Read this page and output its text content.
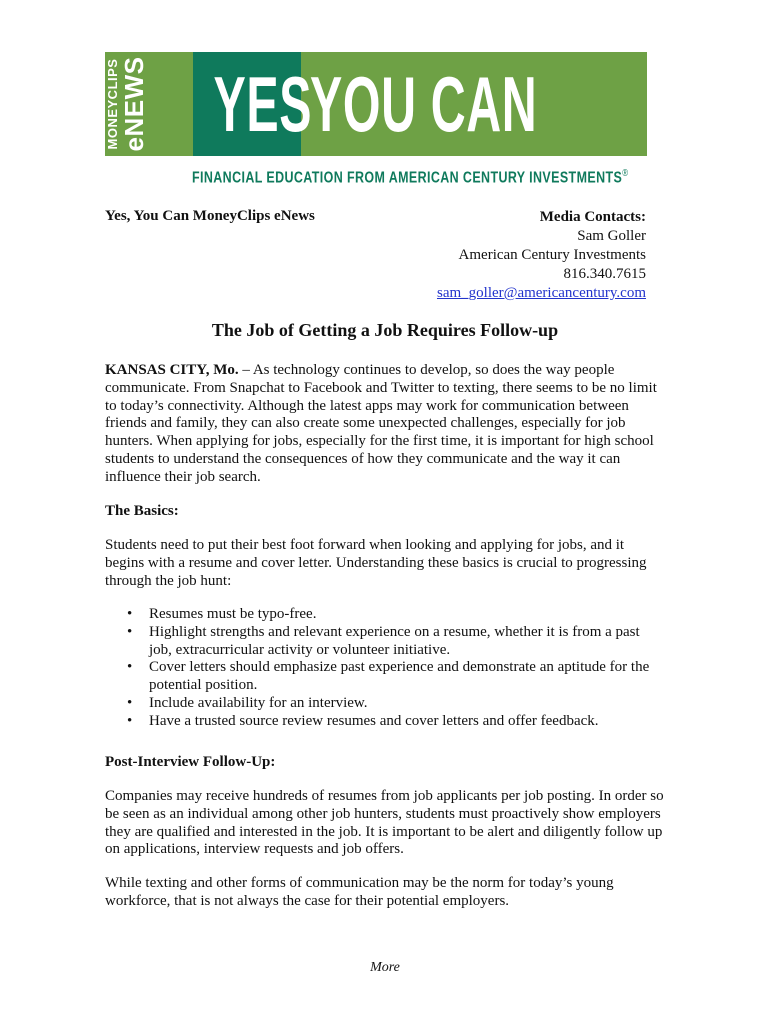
MONEYCLIPS eNEWS YES
YOU CAN
FINANCIAL EDUCATION FROM AMERICAN CENTURY INVESTMENTS®
Yes, You Can MoneyClips eNews	Media Contacts:
Sam Goller
American Century Investments
816.340.7615
sam_goller@americancentury.com
The Job of Getting a Job Requires Follow-up

KANSAS CITY, Mo. – As technology continues to develop, so does the way people communicate. From Snapchat to Facebook and Twitter to texting, there seems to be no limit to today’s connectivity. Although the latest apps may work for communication between friends and family, they can also create some unexpected challenges, especially for job hunters. When applying for jobs, especially for the first time, it is important for high school students to understand the consequences of how they communicate and the way it can influence their job search.

The Basics:
Students need to put their best foot forward when looking and applying for jobs, and it begins with a resume and cover letter. Understanding these basics is crucial to progressing through the job hunt:
• Resumes must be typo-free.
• Highlight strengths and relevant experience on a resume, whether it is from a past job, extracurricular activity or volunteer initiative.
• Cover letters should emphasize past experience and demonstrate an aptitude for the potential position.
• Include availability for an interview.
• Have a trusted source review resumes and cover letters and offer feedback.
Post-Interview Follow-Up:
Companies may receive hundreds of resumes from job applicants per job posting. In order so be seen as an individual among other job hunters, students must proactively show employers they are qualified and interested in the job. It is important to be alert and diligently follow up on applications, interview requests and job offers.
While texting and other forms of communication may be the norm for today’s young workforce, that is not always the case for their potential employers.
More
